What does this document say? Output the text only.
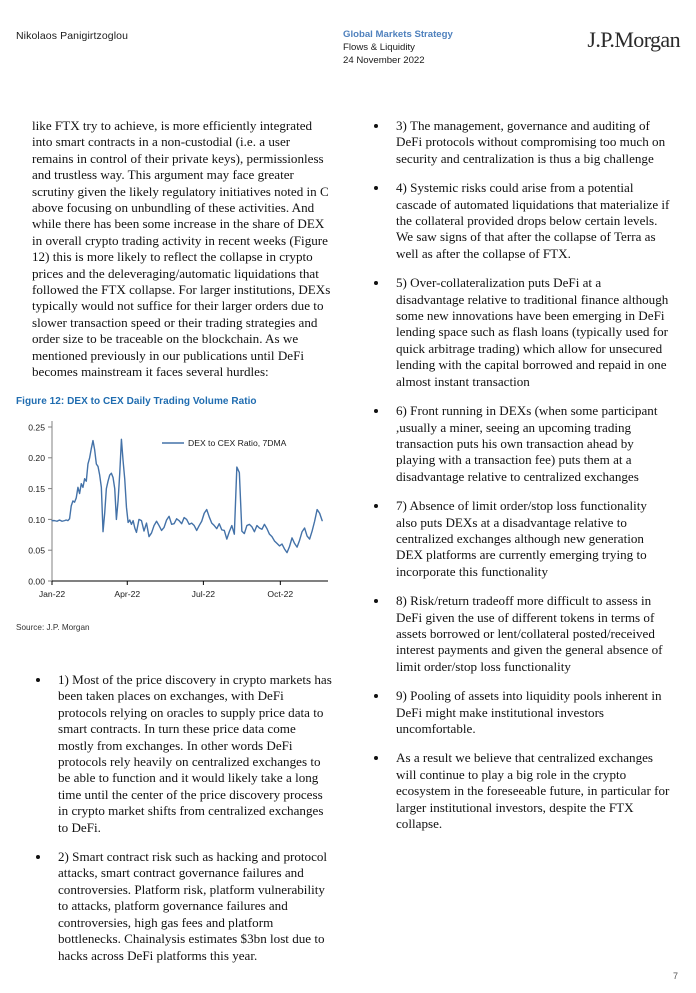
Nikolaos Panigirtzoglou	Global Markets Strategy
Flows & Liquidity
24 November 2022
J.P.Morgan

like FTX try to achieve, is more efficiently integrated into smart contracts in a non-custodial (i.e. a user remains in control of their private keys), permissionless and trustless way. This argument may face greater scrutiny given the likely regulatory initiatives noted in C above focusing on unbundling of these activities. And while there has been some increase in the share of DEX in overall crypto trading activity in recent weeks (Figure 12) this is more likely to reflect the collapse in crypto prices and the deleveraging/automatic liquidations that followed the FTX collapse. For larger institutions, DEXs typically would not suffice for their larger orders due to slower transaction speed or their trading strategies and order size to be traceable on the blockchain. As we mentioned previously in our publications until DeFi becomes mainstream it faces several hurdles:

Figure 12: DEX to CEX Daily Trading Volume Ratio
0.00
0.05
0.10
0.15
0.20
0.25
Jan-22	Apr-22	Jul-22	Oct-22
DEX to CEX Ratio, 7DMA
Source: J.P. Morgan
1) Most of the price discovery in crypto markets has been taken places on exchanges, with DeFi protocols relying on oracles to supply price data to smart contracts. In turn these price data come mostly from exchanges. In other words DeFi protocols rely heavily on centralized exchanges to be able to function and it would likely take a long time until the center of the price discovery process in crypto market shifts from centralized exchanges to DeFi.
2) Smart contract risk such as hacking and protocol attacks, smart contract governance failures and controversies. Platform risk, platform vulnerability to attacks, platform governance failures and controversies, high gas fees and platform bottlenecks. Chainalysis estimates $3bn lost due to hacks across DeFi platforms this year.
3) The management, governance and auditing of DeFi protocols without compromising too much on security and centralization is thus a big challenge
4) Systemic risks could arise from a potential cascade of automated liquidations that materialize if the collateral provided drops below certain levels. We saw signs of that after the collapse of Terra as well as after the collapse of FTX.
5) Over-collateralization puts DeFi at a disadvantage relative to traditional finance although some new innovations have been emerging in DeFi lending space such as flash loans (typically used for quick arbitrage trading) which allow for unsecured lending with the capital borrowed and repaid in one almost instant transaction
6) Front running in DEXs (when some participant ,usually a miner, seeing an upcoming trading transaction puts his own transaction ahead by playing with a transaction fee) puts them at a disadvantage relative to centralized exchanges
7) Absence of limit order/stop loss functionality also puts DEXs at a disadvantage relative to centralized exchanges although new generation DEX platforms are currently emerging trying to incorporate this functionality
8) Risk/return tradeoff more difficult to assess in DeFi given the use of different tokens in terms of assets borrowed or lent/collateral posted/received interest payments and given the general absence of limit order/stop loss functionality
9) Pooling of assets into liquidity pools inherent in DeFi might make institutional investors uncomfortable.
As a result we believe that centralized exchanges will continue to play a big role in the crypto ecosystem in the foreseeable future, in particular for larger institutional investors, despite the FTX collapse.
7
